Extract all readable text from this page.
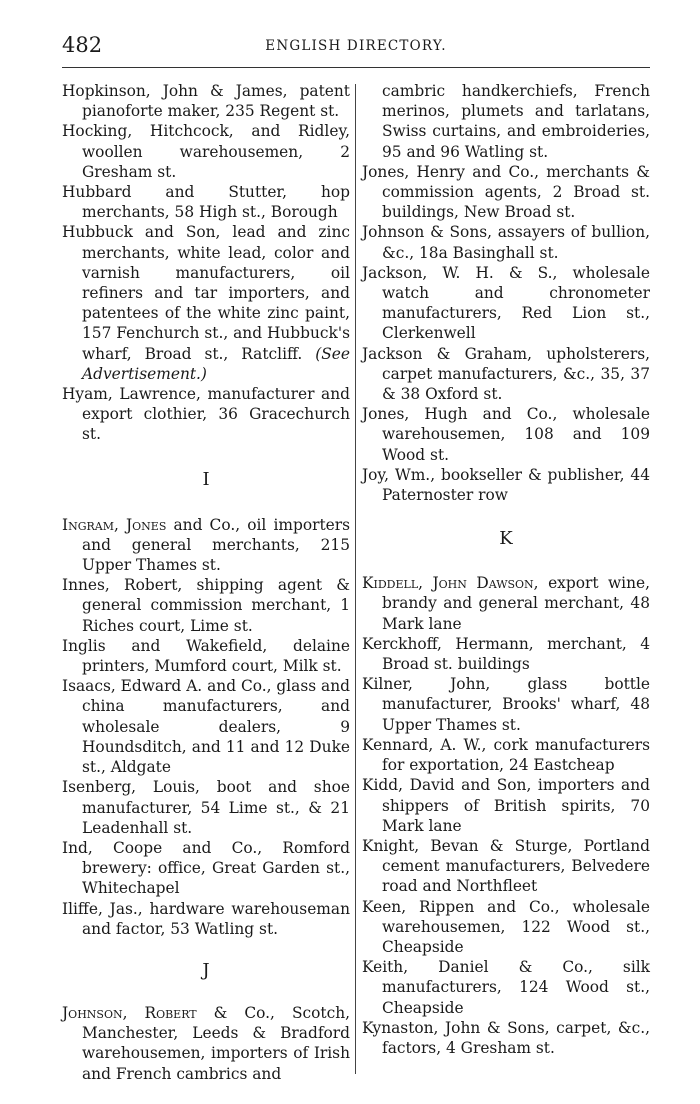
482	ENGLISH DIRECTORY.

Hopkinson, John & James, patent pianoforte maker, 235 Regent st.

Hocking, Hitchcock, and Ridley, woollen warehousemen, 2 Gresham st.

Hubbard and Stutter, hop merchants, 58 High st., Borough

Hubbuck and Son, lead and zinc merchants, white lead, color and varnish manufacturers, oil refiners and tar importers, and patentees of the white zinc paint, 157 Fenchurch st., and Hubbuck's wharf, Broad st., Ratcliff. (See Advertisement.)

Hyam, Lawrence, manufacturer and export clothier, 36 Gracechurch st.

I

Ingram, Jones and Co., oil importers and general merchants, 215 Upper Thames st.

Innes, Robert, shipping agent & general commission merchant, 1 Riches court, Lime st.

Inglis and Wakefield, delaine printers, Mumford court, Milk st.

Isaacs, Edward A. and Co., glass and china manufacturers, and wholesale dealers, 9 Houndsditch, and 11 and 12 Duke st., Aldgate

Isenberg, Louis, boot and shoe manufacturer, 54 Lime st., & 21 Leadenhall st.

Ind, Coope and Co., Romford brewery: office, Great Garden st., Whitechapel

Iliffe, Jas., hardware warehouseman and factor, 53 Watling st.

J

Johnson, Robert & Co., Scotch, Manchester, Leeds & Bradford warehousemen, importers of Irish and French cambrics and

cambric handkerchiefs, French merinos, plumets and tarlatans, Swiss curtains, and embroideries, 95 and 96 Watling st.

Jones, Henry and Co., merchants & commission agents, 2 Broad st. buildings, New Broad st.

Johnson & Sons, assayers of bullion, &c., 18a Basinghall st.

Jackson, W. H. & S., wholesale watch and chronometer manufacturers, Red Lion st., Clerkenwell

Jackson & Graham, upholsterers, carpet manufacturers, &c., 35, 37 & 38 Oxford st.

Jones, Hugh and Co., wholesale warehousemen, 108 and 109 Wood st.

Joy, Wm., bookseller & publisher, 44 Paternoster row

K

Kiddell, John Dawson, export wine, brandy and general merchant, 48 Mark lane

Kerckhoff, Hermann, merchant, 4 Broad st. buildings

Kilner, John, glass bottle manufacturer, Brooks' wharf, 48 Upper Thames st.

Kennard, A. W., cork manufacturers for exportation, 24 Eastcheap

Kidd, David and Son, importers and shippers of British spirits, 70 Mark lane

Knight, Bevan & Sturge, Portland cement manufacturers, Belvedere road and Northfleet

Keen, Rippen and Co., wholesale warehousemen, 122 Wood st., Cheapside

Keith, Daniel & Co., silk manufacturers, 124 Wood st., Cheapside

Kynaston, John & Sons, carpet, &c., factors, 4 Gresham st.
